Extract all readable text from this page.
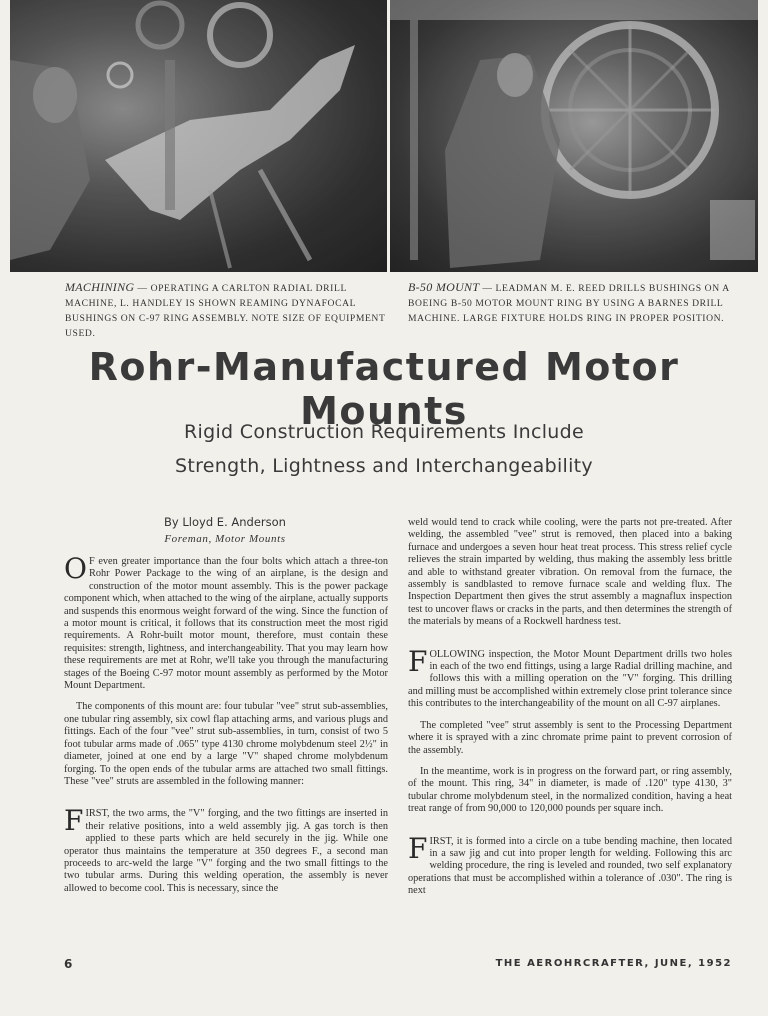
MACHINING — OPERATING A CARLTON RADIAL DRILL MACHINE, L. HANDLEY IS SHOWN REAMING DYNAFOCAL BUSHINGS ON C-97 RING ASSEMBLY. NOTE SIZE OF EQUIPMENT USED.
B-50 MOUNT — LEADMAN M. E. REED DRILLS BUSHINGS ON A BOEING B-50 MOTOR MOUNT RING BY USING A BARNES DRILL MACHINE. LARGE FIXTURE HOLDS RING IN PROPER POSITION.
Rohr-Manufactured Motor Mounts
Rigid Construction Requirements Include
Strength, Lightness and Interchangeability
By Lloyd E. Anderson
Foreman, Motor Mounts

O F even greater importance than the four bolts which attach a three-ton Rohr Power Package to the wing of an airplane, is the design and construction of the motor mount assembly. This is the power package component which, when attached to the wing of the airplane, actually supports and suspends this enormous weight forward of the wing. Since the function of a motor mount is critical, it follows that its construction meet the most rigid requirements. A Rohr-built motor mount, therefore, must contain these requisites: strength, lightness, and interchangeability. That you may learn how these requirements are met at Rohr, we'll take you through the manufacturing stages of the Boeing C-97 motor mount assembly as performed by the Motor Mount Department.

The components of this mount are: four tubular "vee" strut sub-assemblies, one tubular ring assembly, six cowl flap attaching arms, and various plugs and fittings. Each of the four "vee" strut sub-assemblies, in turn, consist of two 5 foot tubular arms made of .065" type 4130 chrome molybdenum steel 2½" in diameter, joined at one end by a large "V" shaped chrome molybdenum forging. To the open ends of the tubular arms are attached two small fittings. These "vee" struts are assembled in the following manner:

FIRST, the two arms, the "V" forging, and the two fittings are inserted in their relative positions, into a weld assembly jig. A gas torch is then applied to these parts which are held securely in the jig. While one operator thus maintains the temperature at 350 degrees F., a second man proceeds to arc-weld the large "V" forging and the two small fittings to the two tubular arms. During this welding operation, the assembly is never allowed to become cool. This is necessary, since the

weld would tend to crack while cooling, were the parts not pre-treated. After welding, the assembled "vee" strut is removed, then placed into a baking furnace and undergoes a seven hour heat treat process. This stress relief cycle relieves the strain imparted by welding, thus making the assembly less brittle and able to withstand greater vibration. On removal from the furnace, the assembly is sandblasted to remove furnace scale and welding flux. The Inspection Department then gives the strut assembly a magnaflux inspection test to uncover flaws or cracks in the parts, and then determines the strength of the materials by means of a Rockwell hardness test.

FOLLOWING inspection, the Motor Mount Department drills two holes in each of the two end fittings, using a large Radial drilling machine, and follows this with a milling operation on the "V" forging. This drilling and milling must be accomplished within extremely close print tolerance since this contributes to the interchangeability of the mount on all C-97 airplanes.

The completed "vee" strut assembly is sent to the Processing Department where it is sprayed with a zinc chromate prime paint to prevent corrosion of the assembly.

In the meantime, work is in progress on the forward part, or ring assembly, of the mount. This ring, 34" in diameter, is made of .120" type 4130, 3" tubular chrome molybdenum steel, in the normalized condition, having a heat treat range of from 90,000 to 120,000 pounds per square inch.

FIRST, it is formed into a circle on a tube bending machine, then located in a saw jig and cut into proper length for welding. Following this arc welding procedure, the ring is leveled and rounded, two self explanatory operations that must be accomplished within a tolerance of .030". The ring is next

6	THE AEROHRCRAFTER, JUNE, 1952
